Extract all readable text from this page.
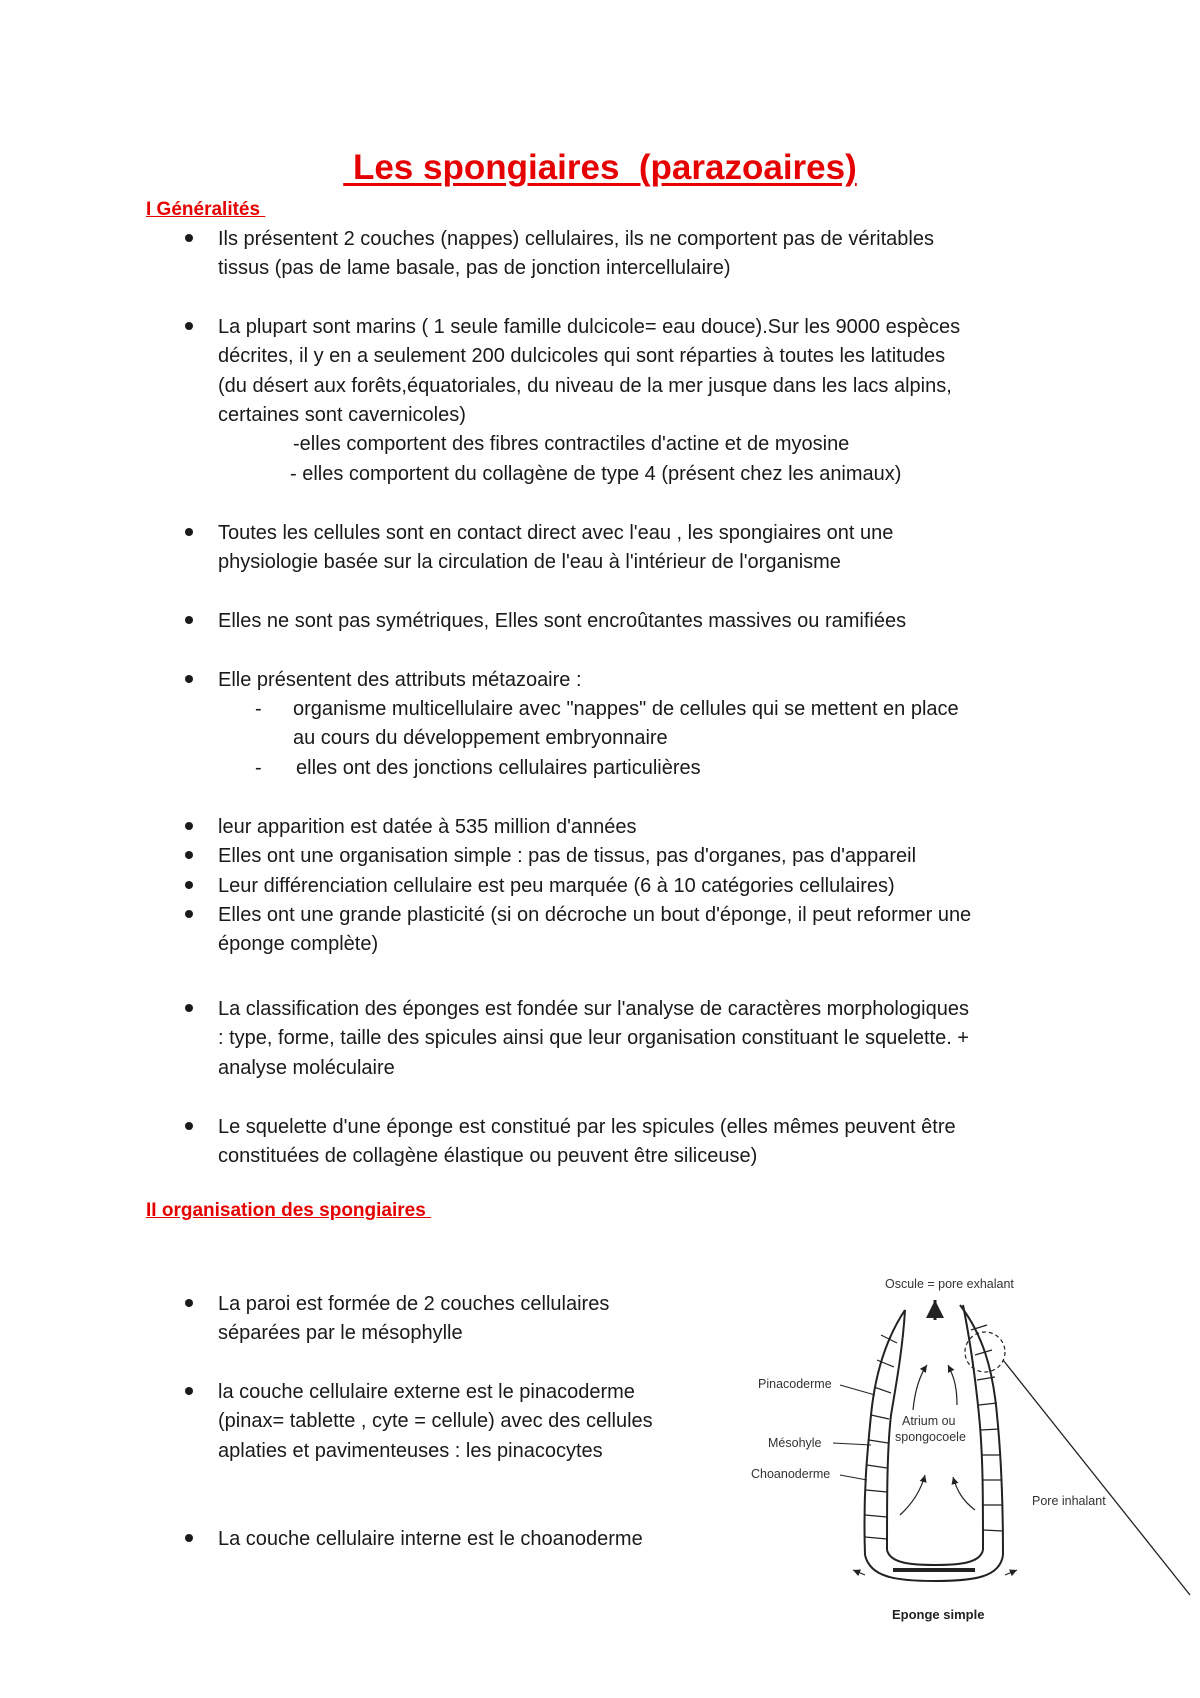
Les spongiaires  (parazoaires)
I Généralités
Ils présentent 2 couches (nappes) cellulaires, ils ne comportent pas de véritables
tissus (pas de lame basale, pas de jonction intercellulaire)
La plupart sont marins ( 1 seule famille dulcicole= eau douce).Sur les 9000 espèces
décrites, il y en a seulement 200 dulcicoles qui sont réparties à toutes les latitudes
(du désert aux forêts,équatoriales, du niveau de la mer jusque dans les lacs alpins,
certaines sont cavernicoles)
-elles comportent des fibres contractiles d'actine et de myosine
- elles comportent du collagène de type 4 (présent chez les animaux)
Toutes les cellules sont en contact direct avec l'eau , les spongiaires ont une
physiologie basée sur la circulation de l'eau à l'intérieur de l'organisme
Elles ne sont pas symétriques, Elles sont encroûtantes massives ou ramifiées
Elle présentent des attributs métazoaire :
- organisme multicellulaire avec "nappes" de cellules qui se mettent en place
au cours du développement embryonnaire
- elles ont des jonctions cellulaires particulières
leur apparition est datée à 535 million d'années
Elles ont une organisation simple : pas de tissus, pas d'organes, pas d'appareil
Leur différenciation cellulaire est peu marquée (6 à 10 catégories cellulaires)
Elles ont une grande plasticité (si on décroche un bout d'éponge, il peut reformer une
éponge complète)
La classification des éponges est fondée sur l'analyse de caractères morphologiques
: type, forme, taille des spicules ainsi que leur organisation constituant le squelette. +
analyse moléculaire
Le squelette d'une éponge est constitué par les spicules (elles mêmes peuvent être
constituées de collagène élastique ou peuvent être siliceuse)
II organisation des spongiaires
La paroi est formée de 2 couches cellulaires
séparées par le mésophylle
la couche cellulaire externe est le pinacoderme
(pinax= tablette , cyte = cellule) avec des cellules
aplaties et pavimenteuses : les pinacocytes
La couche cellulaire interne est le choanoderme
Oscule = pore exhalant
Pinacoderme
Atrium ou
spongocoele
Mésohyle
Choanoderme
Pore inhalant
Eponge simple
